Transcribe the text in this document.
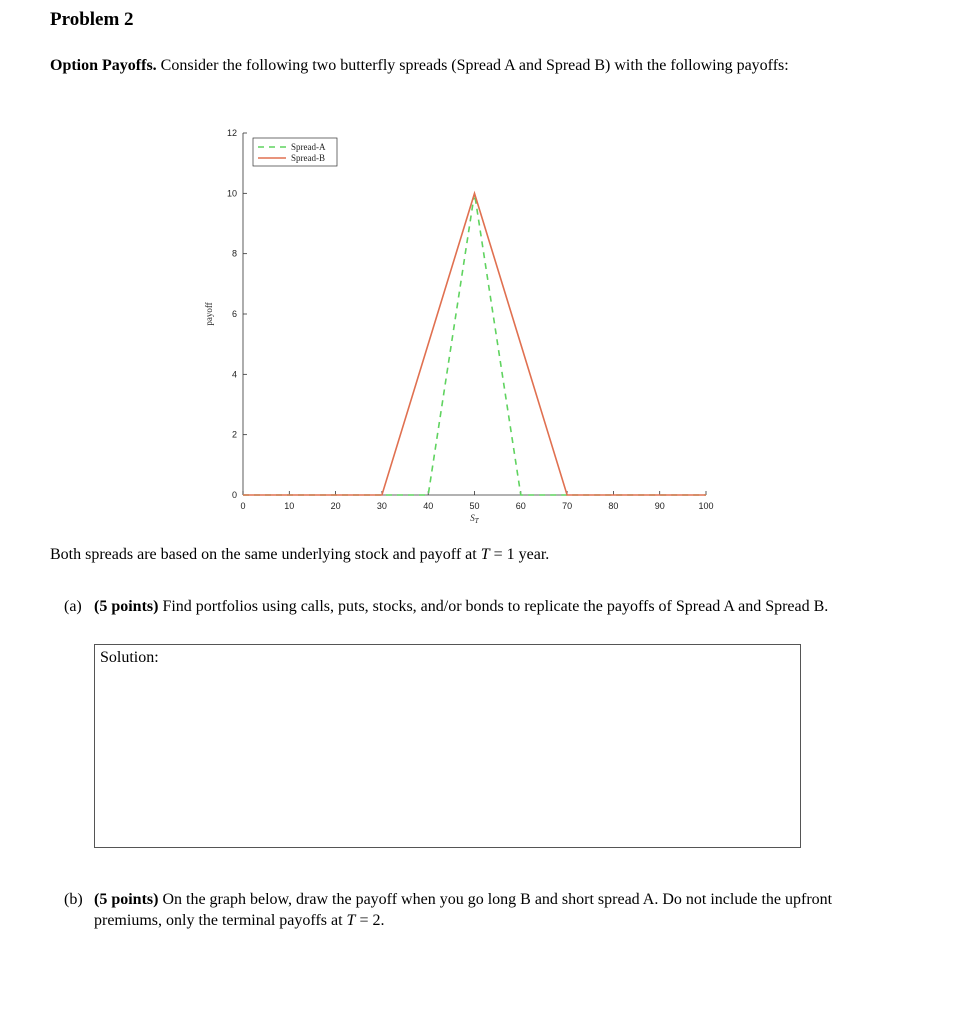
Problem 2
Option Payoffs. Consider the following two butterfly spreads (Spread A and Spread B) with the following payoffs:
0	10	20	30	40	50	60	70	80	90	100
0
2
4
6
8
10
12
$S_T$
payoff
Spread-A
Spread-B
Both spreads are based on the same underlying stock and payoff at T = 1 year.
(a) (5 points) Find portfolios using calls, puts, stocks, and/or bonds to replicate the payoffs of Spread A and Spread B.
Solution:
(b) (5 points) On the graph below, draw the payoff when you go long B and short spread A. Do not include the upfront premiums, only the terminal payoffs at T = 2.
